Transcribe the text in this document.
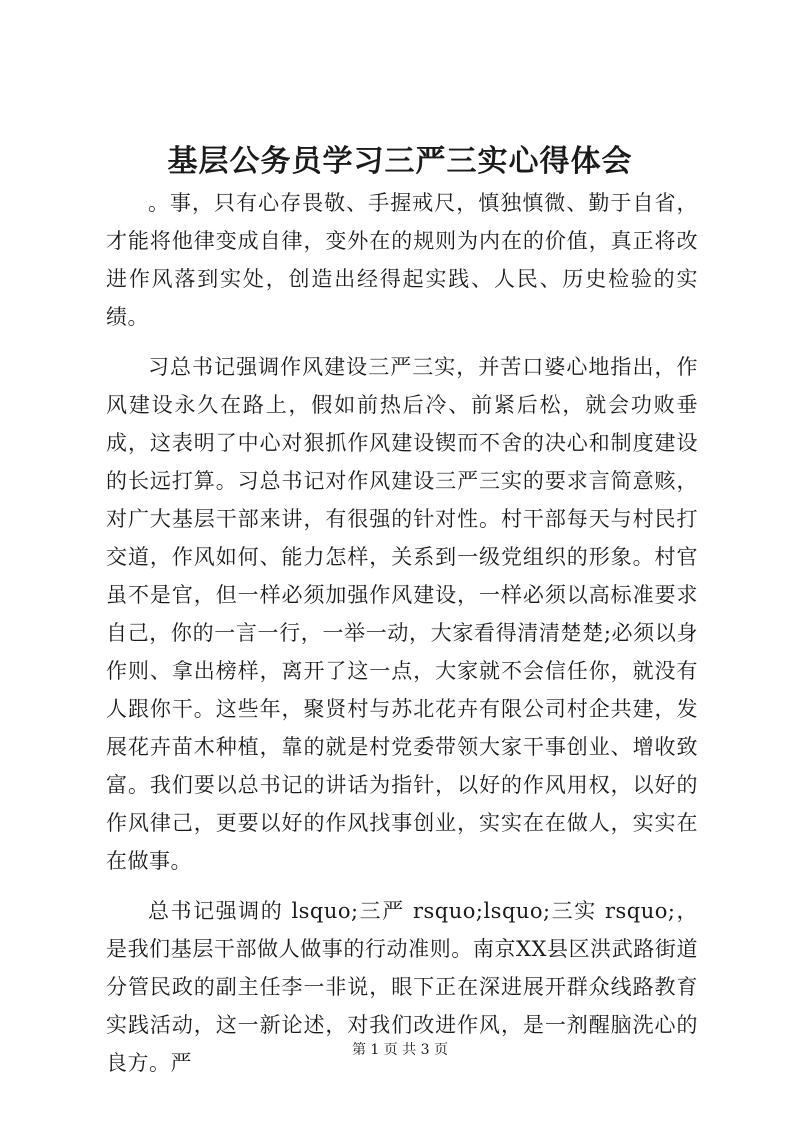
基层公务员学习三严三实心得体会

。事，只有心存畏敬、手握戒尺，慎独慎微、勤于自省，才能将他律变成自律，变外在的规则为内在的价值，真正将改进作风落到实处，创造出经得起实践、人民、历史检验的实绩。

习总书记强调作风建设三严三实，并苦口婆心地指出，作风建设永久在路上，假如前热后冷、前紧后松，就会功败垂成，这表明了中心对狠抓作风建设锲而不舍的决心和制度建设的长远打算。习总书记对作风建设三严三实的要求言简意赅，对广大基层干部来讲，有很强的针对性。村干部每天与村民打交道，作风如何、能力怎样，关系到一级党组织的形象。村官虽不是官，但一样必须加强作风建设，一样必须以高标准要求自己，你的一言一行，一举一动，大家看得清清楚楚;必须以身作则、拿出榜样，离开了这一点，大家就不会信任你，就没有人跟你干。这些年，聚贤村与苏北花卉有限公司村企共建，发展花卉苗木种植，靠的就是村党委带领大家干事创业、增收致富。我们要以总书记的讲话为指针，以好的作风用权，以好的作风律己，更要以好的作风找事创业，实实在在做人，实实在在做事。

总书记强调的 lsquo;三严 rsquo;lsquo;三实 rsquo;，是我们基层干部做人做事的行动准则。南京XX县区洪武路街道分管民政的副主任李一非说，眼下正在深进展开群众线路教育实践活动，这一新论述，对我们改进作风，是一剂醒脑洗心的良方。严

第 1 页 共 3 页
